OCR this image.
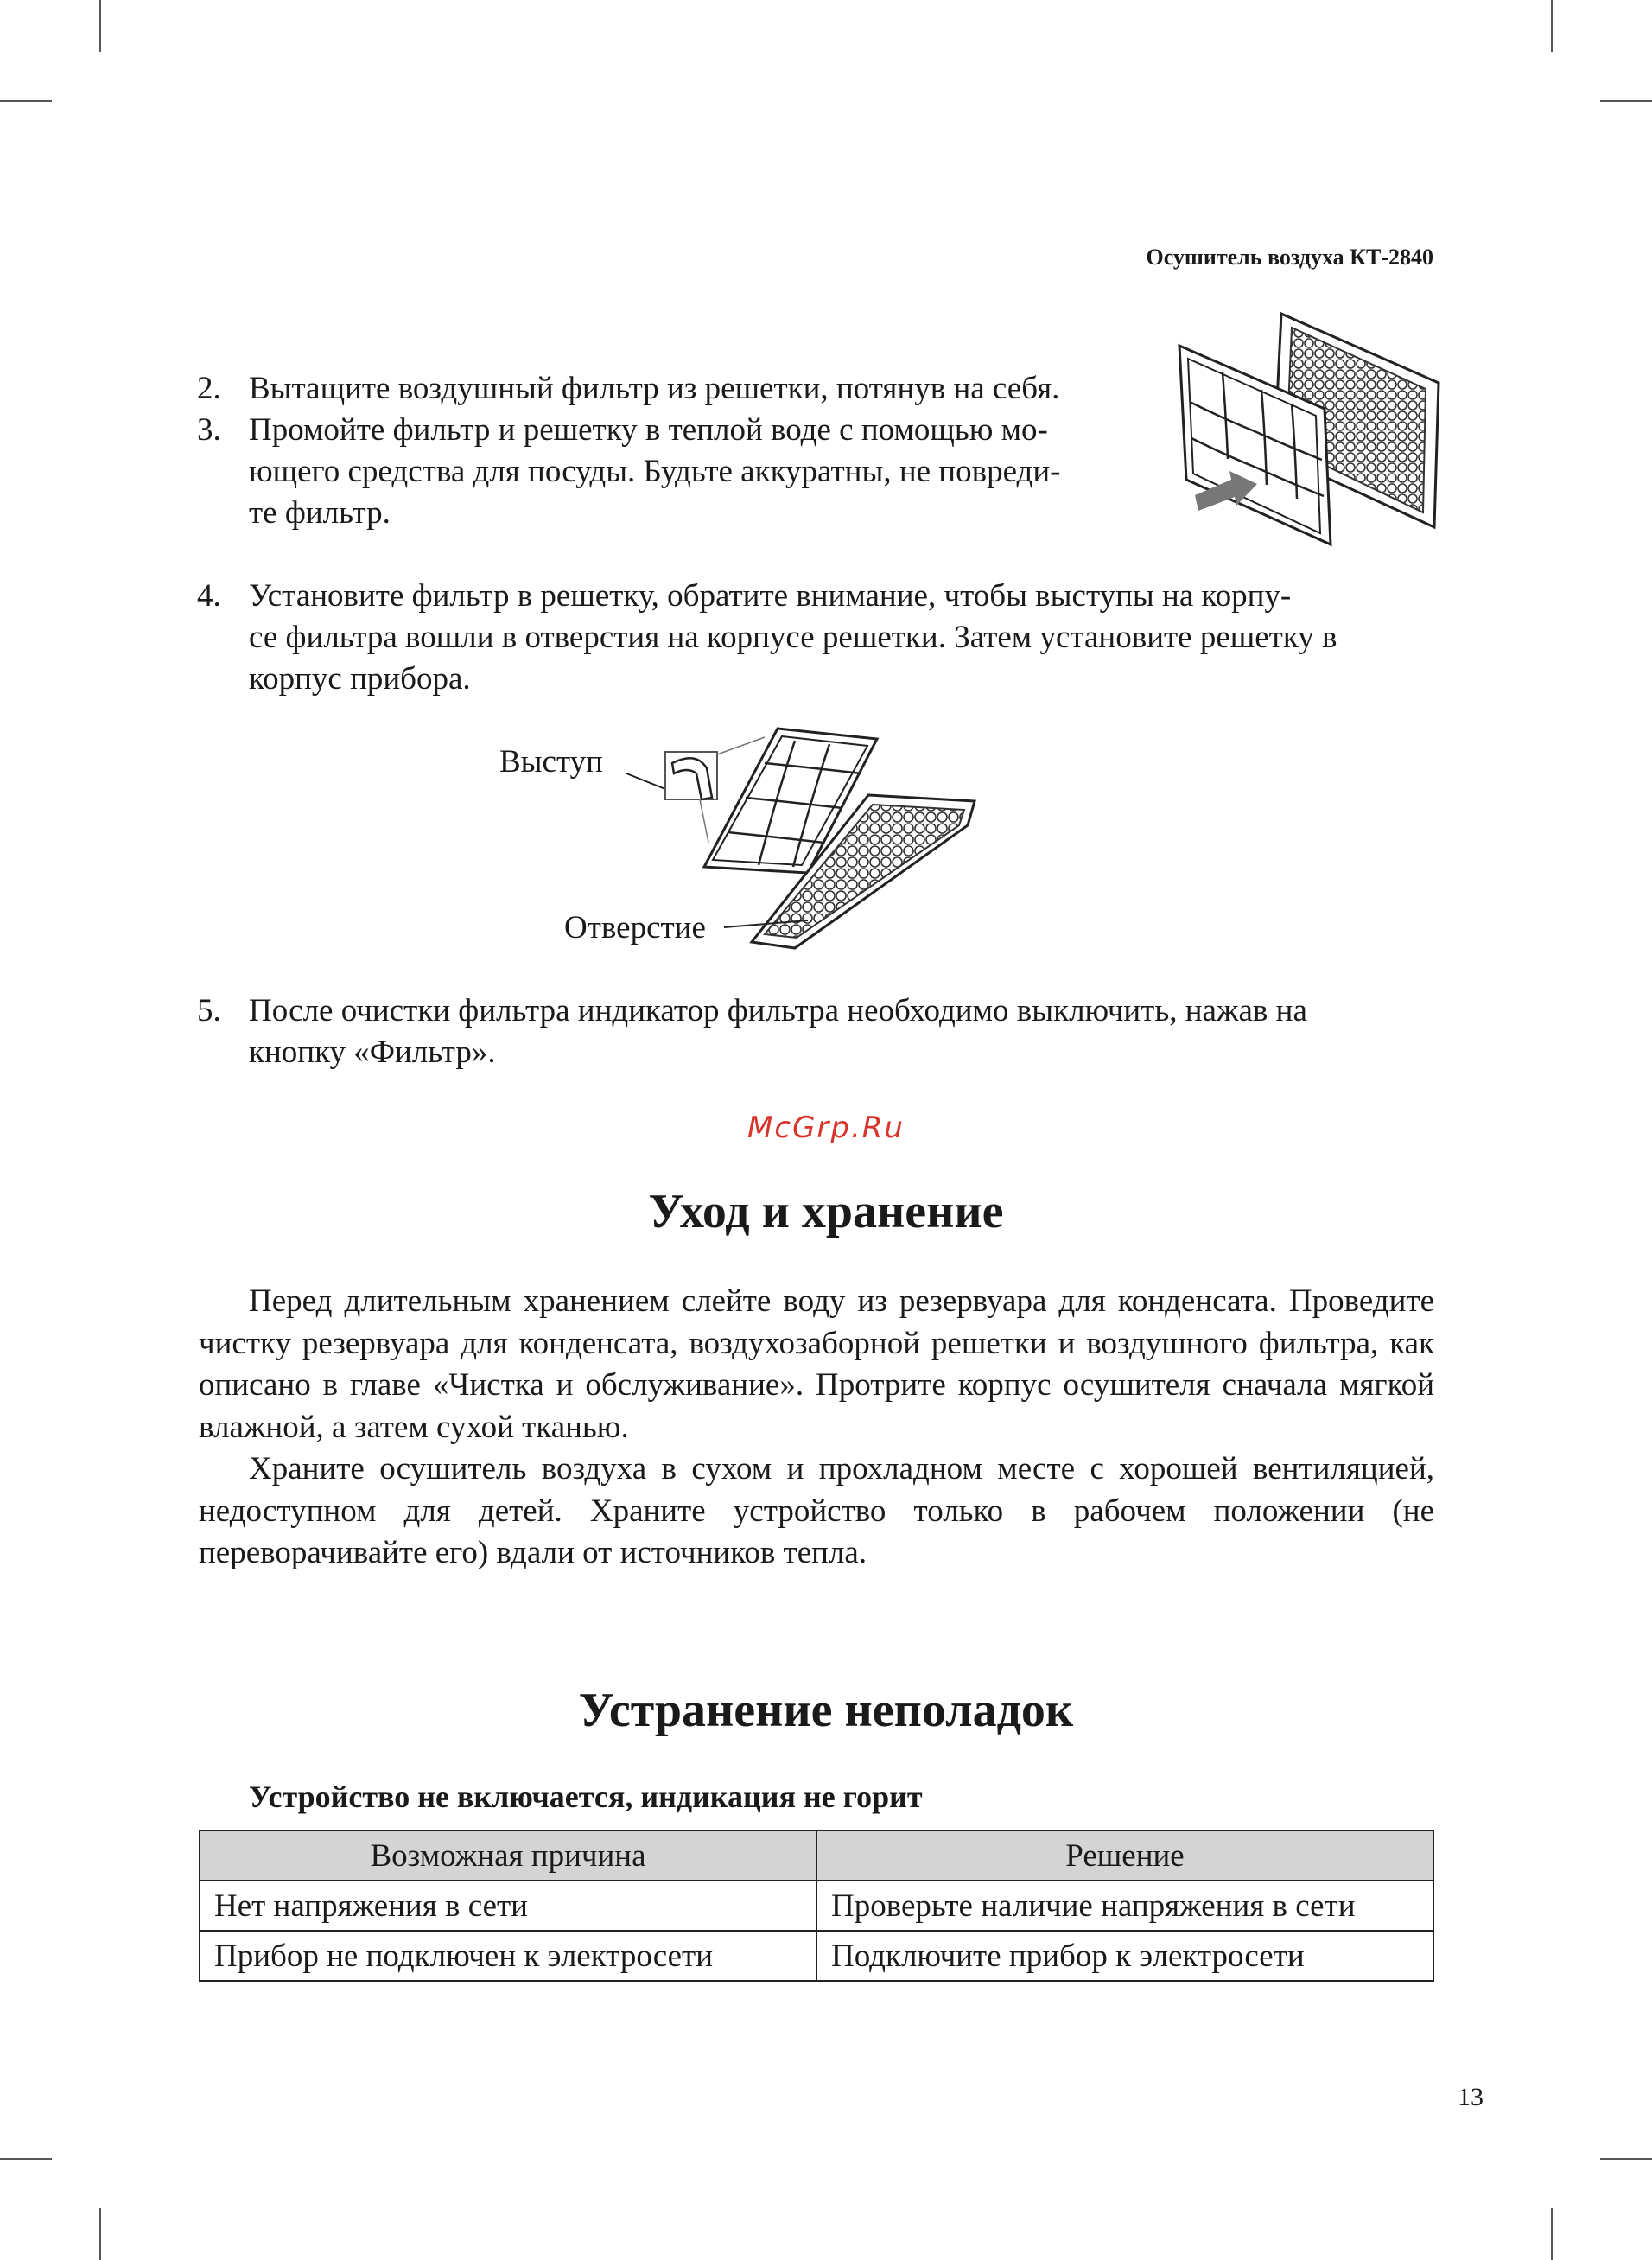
Осушитель воздуха КТ-2840
2. Вытащите воздушный фильтр из решетки, потянув на себя.
3. Промойте фильтр и решетку в теплой воде с помощью мо-
ющего средства для посуды. Будьте аккуратны, не повреди-
те фильтр.
4. Установите фильтр в решетку, обратите внимание, чтобы выступы на корпу-
се фильтра вошли в отверстия на корпусе решетки. Затем установите решетку в
корпус прибора.
Выступ
Отверстие
5. После очистки фильтра индикатор фильтра необходимо выключить, нажав на
кнопку «Фильтр».
McGrp.Ru
Уход и хранение

Перед длительным хранением слейте воду из резервуара для конденсата. Проведите чистку резервуара для конденсата, воздухозаборной решетки и воздушного фильтра, как описано в главе «Чистка и обслуживание». Протрите корпус осушителя сначала мягкой влажной, а затем сухой тканью.

Храните осушитель воздуха в сухом и прохладном месте с хорошей вентиляцией, недоступном для детей. Храните устройство только в рабочем положении (не переворачивайте его) вдали от источников тепла.

Устранение неполадок
Устройство не включается, индикация не горит
Возможная причина	Решение
Нет напряжения в сети	Проверьте наличие напряжения в сети
Прибор не подключен к электросети	Подключите прибор к электросети
13
